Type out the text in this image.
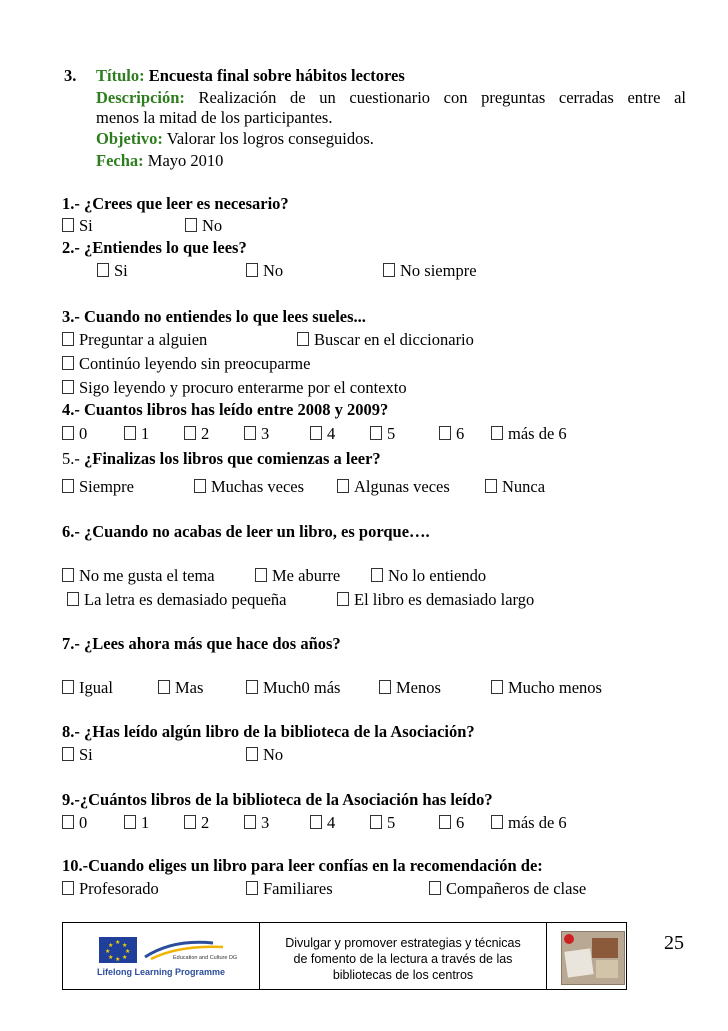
3. Título: Encuesta final sobre hábitos lectores
Descripción: Realización de un cuestionario con preguntas cerradas entre al
menos la mitad de los participantes.
Objetivo: Valorar los logros conseguidos.
Fecha: Mayo 2010
1.- ¿Crees que leer es necesario?
Si	No
2.- ¿Entiendes lo que lees?
Si	No	No siempre
3.- Cuando no entiendes lo que lees sueles...
Preguntar a alguien	Buscar en el diccionario
Continúo leyendo sin preocuparme
Sigo leyendo y procuro enterarme por el contexto
4.- Cuantos libros has leído entre 2008 y 2009?
0	1	2	3	4	5	6	más de 6
5.- ¿Finalizas los libros que comienzas a leer?
Siempre	Muchas veces	Algunas veces	Nunca
6.- ¿Cuando no acabas de leer un libro, es porque….
No me gusta el tema	Me aburre	No lo entiendo
La letra es demasiado pequeña	El libro es demasiado largo
7.- ¿Lees ahora más que hace dos años?
Igual	Mas	Much0 más	Menos	Mucho menos
8.- ¿Has leído algún libro de la biblioteca de la Asociación?
Si	No
9.-¿Cuántos libros de la biblioteca de la Asociación has leído?
0	1	2	3	4	5	6	más de 6
10.-Cuando eliges un libro para leer confías en la recomendación de:
Profesorado	Familiares	Compañeros de clase
★ ★
★
★
★
★
★
★
Education and Culture DG
Lifelong Learning Programme
Divulgar y promover estrategias y técnicas
de fomento de la lectura a través de las
bibliotecas de los centros
25
